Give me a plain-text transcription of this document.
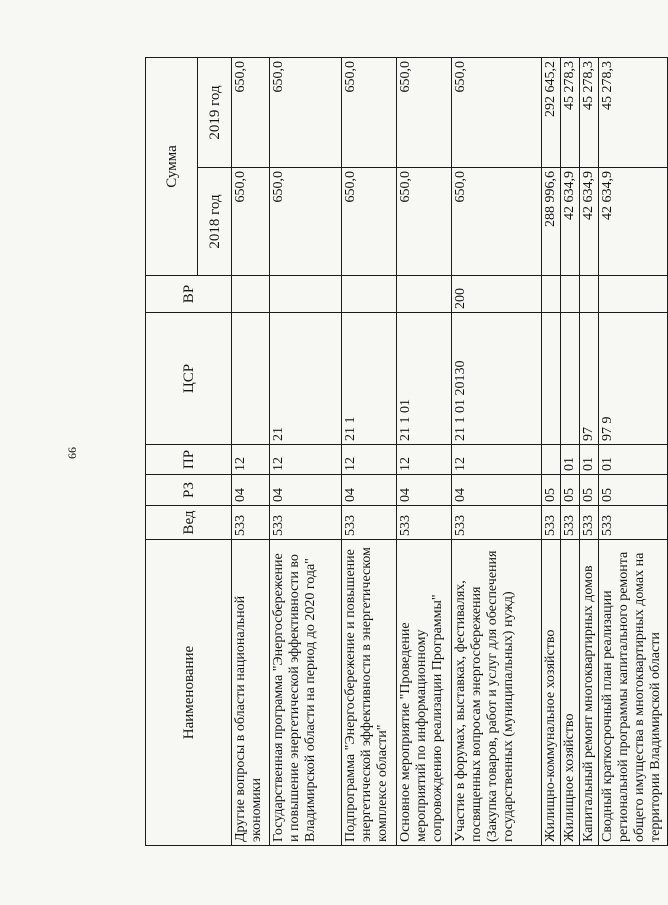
66
Наименование	Вед	РЗ	ПР	ЦСР	ВР	Сумма	
						2018 год	2019 год
Другие вопросы в области национальной экономики	533	04	12			650,0	650,0
Государственная программа "Энергосбережение и повышение энергетической эффективности во Владимирской области на период до 2020 года"	533	04	12	21		650,0	650,0
Подпрограмма "Энергосбережение и повышение энергетической эффективности в энергетическом комплексе области"	533	04	12	21 1		650,0	650,0
Основное мероприятие "Проведение мероприятий по информационному сопровождению реализации Программы"	533	04	12	21 1 01		650,0	650,0
Участие в форумах, выставках, фестивалях, посвященных вопросам энергосбережения (Закупка товаров, работ и услуг для обеспечения государственных (муниципальных) нужд)	533	04	12	21 1 01 20130	200	650,0	650,0
Жилищно-коммунальное хозяйство	533	05				288 996,6	292 645,2
Жилищное хозяйство	533	05	01			42 634,9	45 278,3
Капитальный ремонт многоквартирных домов	533	05	01	97		42 634,9	45 278,3
Сводный краткосрочный план реализации региональной программы капитального ремонта общего имущества в многоквартирных домах на территории Владимирской области	533	05	01	97 9		42 634,9	45 278,3
